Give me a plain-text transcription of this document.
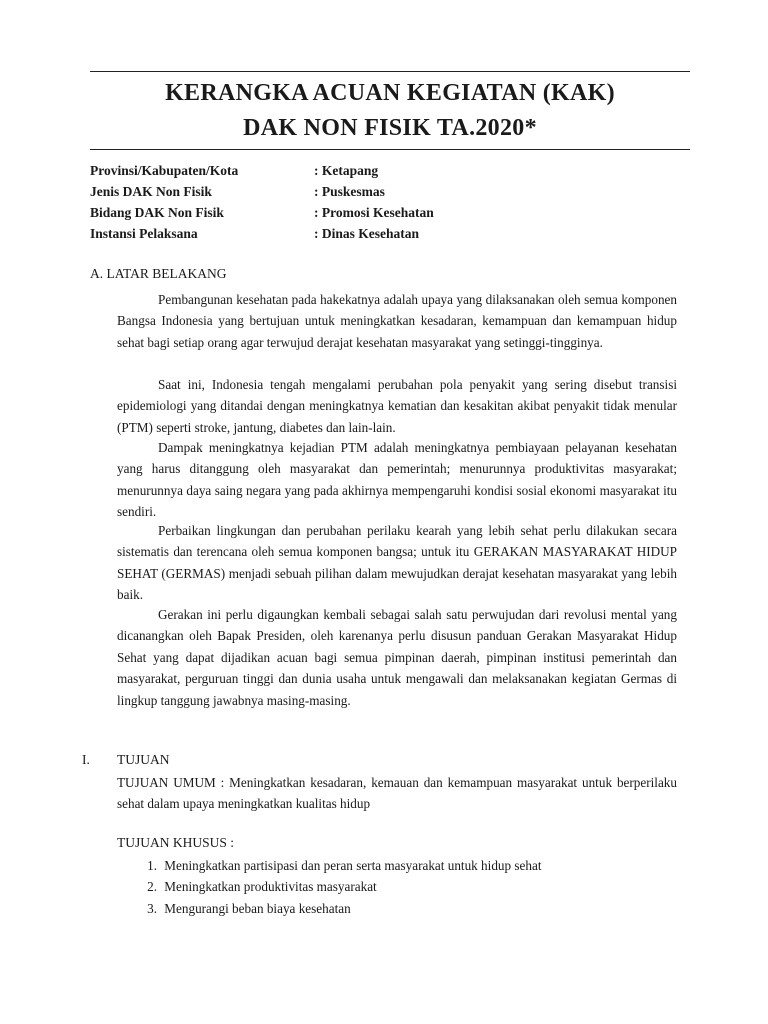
KERANGKA ACUAN KEGIATAN (KAK)
DAK NON FISIK TA.2020*
Provinsi/Kabupaten/Kota	: Ketapang
Jenis DAK Non Fisik	: Puskesmas
Bidang DAK Non Fisik	: Promosi Kesehatan
Instansi Pelaksana	: Dinas Kesehatan
A. LATAR BELAKANG

Pembangunan kesehatan pada hakekatnya adalah upaya yang dilaksanakan oleh semua komponen Bangsa Indonesia yang bertujuan untuk meningkatkan kesadaran, kemampuan dan kemampuan hidup sehat bagi setiap orang agar terwujud derajat kesehatan masyarakat yang setinggi-tingginya.

Saat ini, Indonesia tengah mengalami perubahan pola penyakit yang sering disebut transisi epidemiologi yang ditandai dengan meningkatnya kematian dan kesakitan akibat penyakit tidak menular (PTM) seperti stroke, jantung, diabetes dan lain-lain.

Dampak meningkatnya kejadian PTM adalah meningkatnya pembiayaan pelayanan kesehatan yang harus ditanggung oleh masyarakat dan pemerintah; menurunnya produktivitas masyarakat; menurunnya daya saing negara yang pada akhirnya mempengaruhi kondisi sosial ekonomi masyarakat itu sendiri.

Perbaikan lingkungan dan perubahan perilaku kearah yang lebih sehat perlu dilakukan secara sistematis dan terencana oleh semua komponen bangsa; untuk itu GERAKAN MASYARAKAT HIDUP SEHAT (GERMAS) menjadi sebuah pilihan dalam mewujudkan derajat kesehatan masyarakat yang lebih baik.

Gerakan ini perlu digaungkan kembali sebagai salah satu perwujudan dari revolusi mental yang dicanangkan oleh Bapak Presiden, oleh karenanya perlu disusun panduan Gerakan Masyarakat Hidup Sehat yang dapat dijadikan acuan bagi semua pimpinan daerah, pimpinan institusi pemerintah dan masyarakat, perguruan tinggi dan dunia usaha untuk mengawali dan melaksanakan kegiatan Germas di lingkup tanggung jawabnya masing-masing.

I. TUJUAN

TUJUAN UMUM : Meningkatkan kesadaran, kemauan dan kemampuan masyarakat untuk berperilaku sehat dalam upaya meningkatkan kualitas hidup

TUJUAN KHUSUS :
1. Meningkatkan partisipasi dan peran serta masyarakat untuk hidup sehat
2. Meningkatkan produktivitas masyarakat
3. Mengurangi beban biaya kesehatan
